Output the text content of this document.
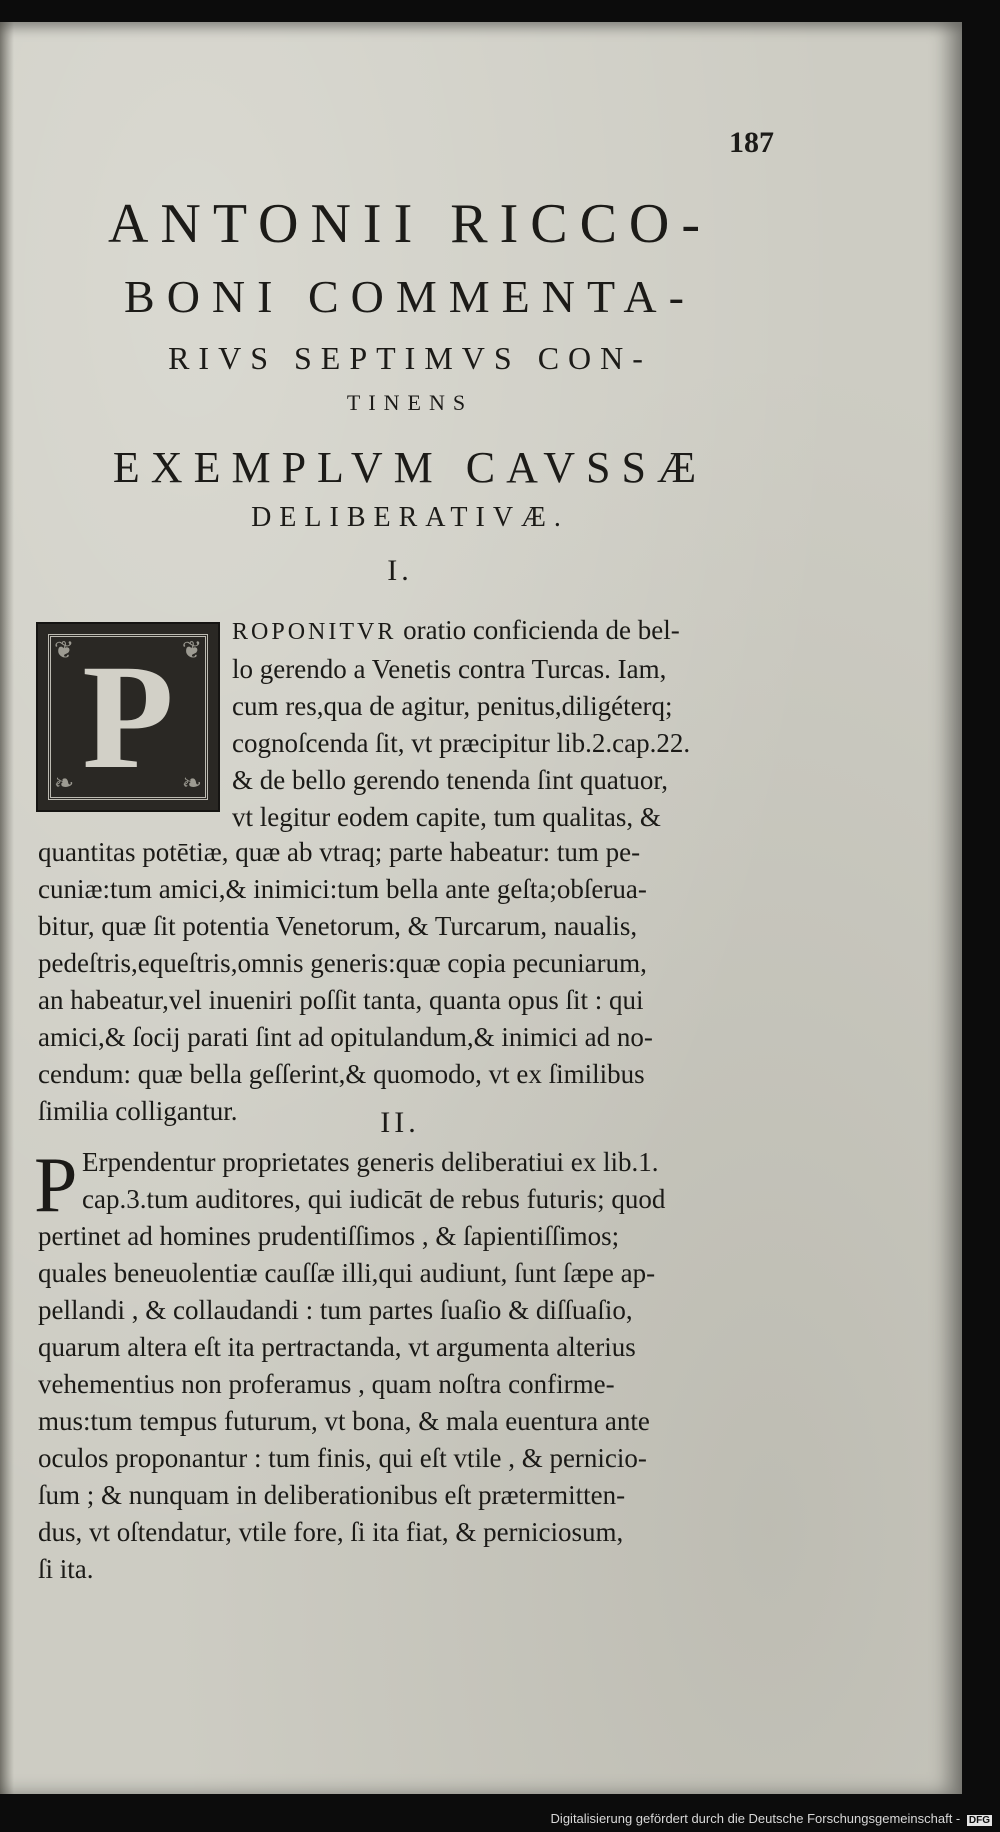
187
ANTONII RICCO-
BONI COMMENTA-
RIVS SEPTIMVS CON-
TINENS
EXEMPLVM CAVSSÆ
DELIBERATIVÆ.
I.
❦	❦
❧	❧
P
ROPONITVR oratio conficienda de bel-
lo gerendo a Venetis contra Turcas. Iam,
cum res,qua de agitur, penitus,diligéterq;
cognoſcenda ſit, vt præcipitur lib.2.cap.22.
& de bello gerendo tenenda ſint quatuor,
vt legitur eodem capite, tum qualitas, &
quantitas potētiæ, quæ ab vtraq; parte habeatur: tum pe-
cuniæ:tum amici,& inimici:tum bella ante geſta;obſerua-
bitur, quæ ſit potentia Venetorum, & Turcarum, naualis,
pedeſtris,equeſtris,omnis generis:quæ copia pecuniarum,
an habeatur,vel inueniri poſſit tanta, quanta opus ſit : qui
amici,& ſocij parati ſint ad opitulandum,& inimici ad no-
cendum: quæ bella geſſerint,& quomodo, vt ex ſimilibus
ſimilia colligantur.	II.
P Erpendentur proprietates generis deliberatiui ex lib.1.
cap.3.tum auditores, qui iudicāt de rebus futuris; quod
pertinet ad homines prudentiſſimos , & ſapientiſſimos;
quales beneuolentiæ cauſſæ illi,qui audiunt, ſunt ſæpe ap-
pellandi , & collaudandi : tum partes ſuaſio & diſſuaſio,
quarum altera eſt ita pertractanda, vt argumenta alterius
vehementius non proferamus , quam noſtra confirme-
mus:tum tempus futurum, vt bona, & mala euentura ante
oculos proponantur : tum finis, qui eſt vtile , & pernicio-
ſum ; & nunquam in deliberationibus eſt prætermitten-
dus, vt oſtendatur, vtile fore, ſi ita fiat, & perniciosum,
ſi ita.
Digitalisierung gefördert durch die Deutsche Forschungsgemeinschaft - DFG
